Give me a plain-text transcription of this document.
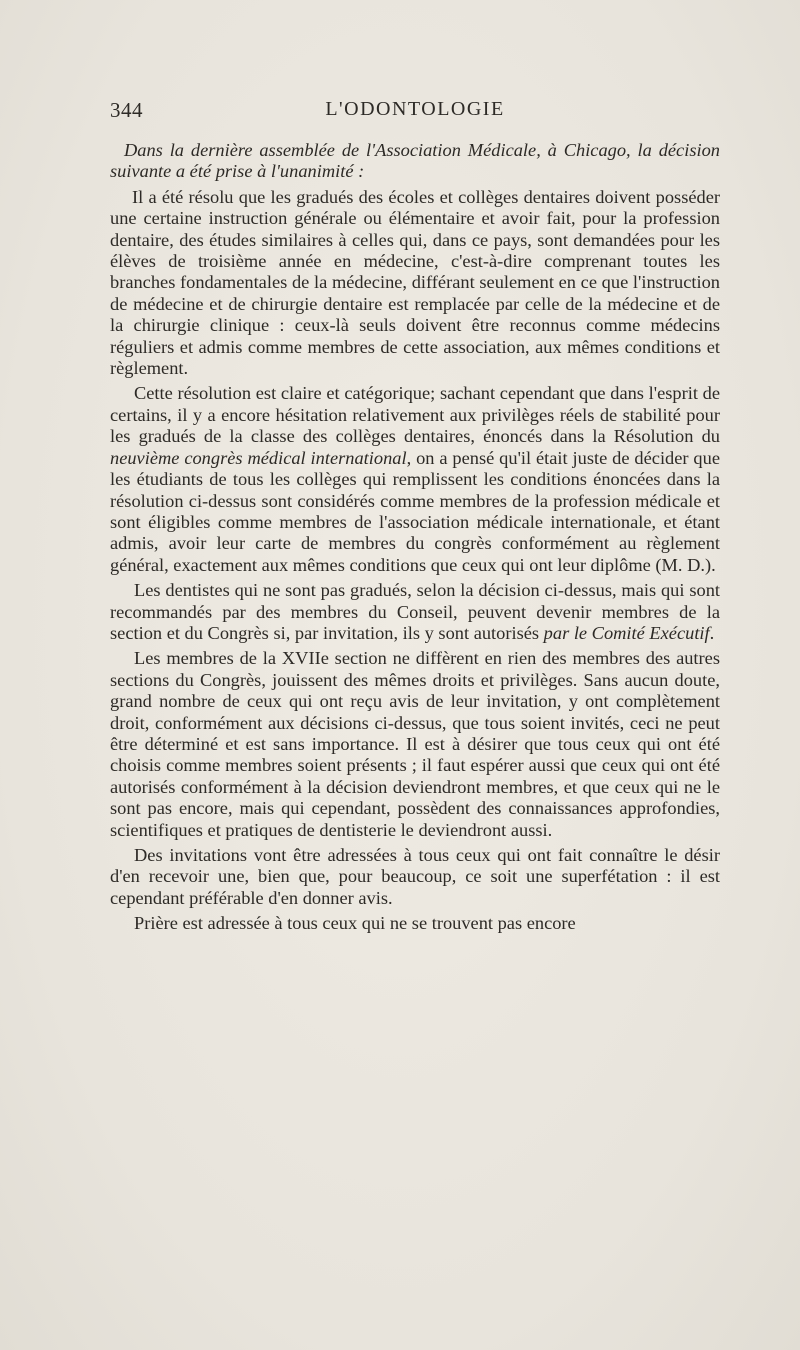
344	L'ODONTOLOGIE

Dans la dernière assemblée de l'Association Médicale, à Chicago, la décision suivante a été prise à l'unanimité :

Il a été résolu que les gradués des écoles et collèges dentaires doivent posséder une certaine instruction générale ou élémentaire et avoir fait, pour la profession dentaire, des études similaires à celles qui, dans ce pays, sont demandées pour les élèves de troisième année en médecine, c'est-à-dire comprenant toutes les branches fondamentales de la médecine, différant seulement en ce que l'instruction de médecine et de chirurgie dentaire est remplacée par celle de la médecine et de la chirurgie clinique : ceux-là seuls doivent être reconnus comme médecins réguliers et admis comme membres de cette association, aux mêmes conditions et règlement.

Cette résolution est claire et catégorique; sachant cependant que dans l'esprit de certains, il y a encore hésitation relativement aux privilèges réels de stabilité pour les gradués de la classe des collèges dentaires, énoncés dans la Résolution du neuvième congrès médical international, on a pensé qu'il était juste de décider que les étudiants de tous les collèges qui remplissent les conditions énoncées dans la résolution ci-dessus sont considérés comme membres de la profession médicale et sont éligibles comme membres de l'association médicale internationale, et étant admis, avoir leur carte de membres du congrès conformément au règlement général, exactement aux mêmes conditions que ceux qui ont leur diplôme (M. D.).

Les dentistes qui ne sont pas gradués, selon la décision ci-dessus, mais qui sont recommandés par des membres du Conseil, peuvent devenir membres de la section et du Congrès si, par invitation, ils y sont autorisés par le Comité Exécutif.

Les membres de la XVIIe section ne diffèrent en rien des membres des autres sections du Congrès, jouissent des mêmes droits et privilèges. Sans aucun doute, grand nombre de ceux qui ont reçu avis de leur invitation, y ont complètement droit, conformément aux décisions ci-dessus, que tous soient invités, ceci ne peut être déterminé et est sans importance. Il est à désirer que tous ceux qui ont été choisis comme membres soient présents ; il faut espérer aussi que ceux qui ont été autorisés conformément à la décision deviendront membres, et que ceux qui ne le sont pas encore, mais qui cependant, possèdent des connaissances approfondies, scientifiques et pratiques de dentisterie le deviendront aussi.

Des invitations vont être adressées à tous ceux qui ont fait connaître le désir d'en recevoir une, bien que, pour beaucoup, ce soit une superfétation : il est cependant préférable d'en donner avis.

Prière est adressée à tous ceux qui ne se trouvent pas encore
